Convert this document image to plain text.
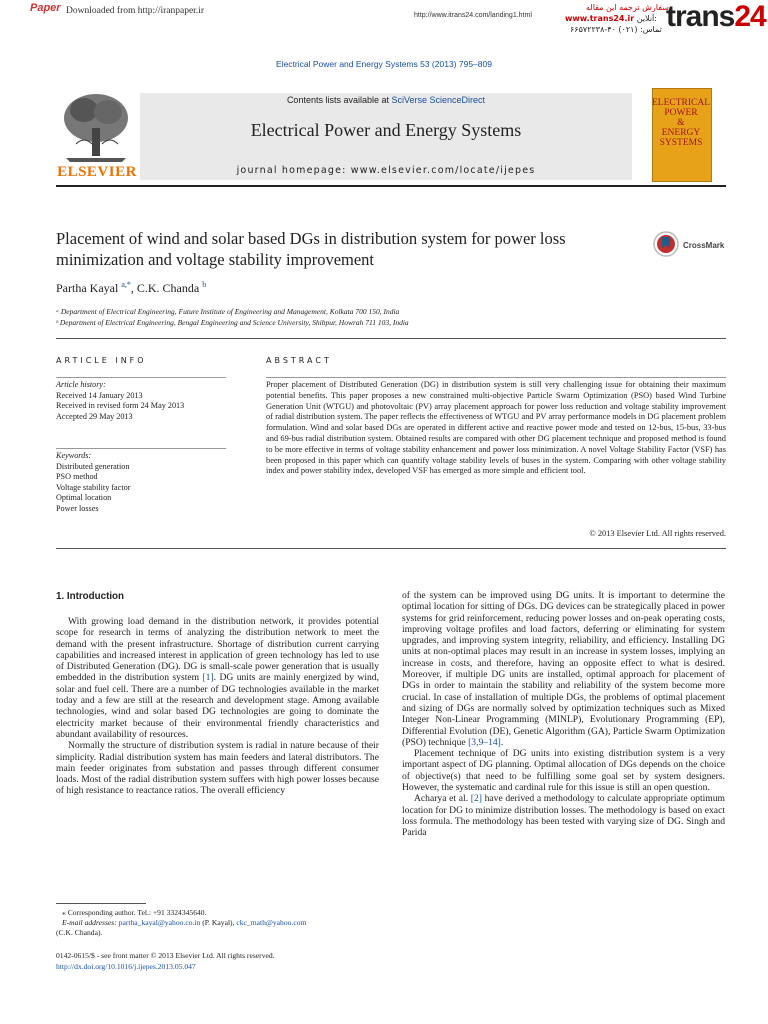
Paper Downloaded from http://iranpaper.ir	http://www.itrans24.com/landing1.html
سفارش ترجمه این مقاله
www.trans24.ir آنلاین:
تماس: (۰۲۱) ۴۰-۶۶۵۷۲۲۳۸ trans24
Electrical Power and Energy Systems 53 (2013) 795–809
ELSEVIER
Contents lists available at SciVerse ScienceDirect
Electrical Power and Energy Systems
journal homepage: www.elsevier.com/locate/ijepes
ELECTRICAL
POWER
&
ENERGY
SYSTEMS
Placement of wind and solar based DGs in distribution system for power loss minimization and voltage stability improvement
CrossMark
Partha Kayal $^{a,*}$, C.K. Chanda $^b$
ᵃ Department of Electrical Engineering, Future Institute of Engineering and Management, Kolkata 700 150, India
ᵇ Department of Electrical Engineering, Bengal Engineering and Science University, Shibpur, Howrah 711 103, India
ARTICLE INFO
Article history:
Received 14 January 2013
Received in revised form 24 May 2013
Accepted 29 May 2013
Keywords:
Distributed generation
PSO method
Voltage stability factor
Optimal location
Power losses
ABSTRACT
Proper placement of Distributed Generation (DG) in distribution system is still very challenging issue for obtaining their maximum potential benefits. This paper proposes a new constrained multi-objective Particle Swarm Optimization (PSO) based Wind Turbine Generation Unit (WTGU) and photovoltaic (PV) array placement approach for power loss reduction and voltage stability improvement of radial distribution system. The paper reflects the effectiveness of WTGU and PV array performance models in DG placement problem formulation. Wind and solar based DGs are operated in different active and reactive power mode and tested on 12-bus, 15-bus, 33-bus and 69-bus radial distribution system. Obtained results are compared with other DG placement technique and proposed method is found to be more effective in terms of voltage stability enhancement and power loss minimization. A novel Voltage Stability Factor (VSF) has been proposed in this paper which can quantify voltage stability levels of buses in the system. Comparing with other voltage stability index and power stability index, developed VSF has emerged as more simple and efficient tool.
© 2013 Elsevier Ltd. All rights reserved.
1. Introduction

With growing load demand in the distribution network, it provides potential scope for research in terms of analyzing the distribution network to meet the demand with the present infrastructure. Shortage of distribution current carrying capabilities and increased interest in application of green technology has led to use of Distributed Generation (DG). DG is small-scale power generation that is usually embedded in the distribution system [1]. DG units are mainly energized by wind, solar and fuel cell. There are a number of DG technologies available in the market today and a few are still at the research and development stage. Among available technologies, wind and solar based DG technologies are going to dominate the electricity market because of their environmental friendly characteristics and abundant availability of resources.

Normally the structure of distribution system is radial in nature because of their simplicity. Radial distribution system has main feeders and lateral distributors. The main feeder originates from substation and passes through different consumer loads. Most of the radial distribution system suffers with high power losses because of high resistance to reactance ratios. The overall efficiency

⁎ Corresponding author. Tel.: +91 3324345640.
E-mail addresses: partha_kayal@yahoo.co.in (P. Kayal), ckc_math@yahoo.com
(C.K. Chanda).
0142-0615/$ - see front matter © 2013 Elsevier Ltd. All rights reserved.
http://dx.doi.org/10.1016/j.ijepes.2013.05.047

of the system can be improved using DG units. It is important to determine the optimal location for sitting of DGs. DG devices can be strategically placed in power systems for grid reinforcement, reducing power losses and on-peak operating costs, improving voltage profiles and load factors, deferring or eliminating for system upgrades, and improving system integrity, reliability, and efficiency. Installing DG units at non-optimal places may result in an increase in system losses, implying an increase in costs, and therefore, having an opposite effect to what is desired. Moreover, if multiple DG units are installed, optimal approach for placement of DGs in order to maintain the stability and reliability of the system become more crucial. In case of installation of multiple DGs, the problems of optimal placement and sizing of DGs are normally solved by optimization techniques such as Mixed Integer Non-Linear Programming (MINLP), Evolutionary Programming (EP), Differential Evolution (DE), Genetic Algorithm (GA), Particle Swarm Optimization (PSO) technique [3,9–14].

Placement technique of DG units into existing distribution system is a very important aspect of DG planning. Optimal allocation of DGs depends on the choice of objective(s) that need to be fulfilling some goal set by system designers. However, the systematic and cardinal rule for this issue is still an open question.

Acharya et al. [2] have derived a methodology to calculate appropriate optimum location for DG to minimize distribution losses. The methodology is based on exact loss formula. The methodology has been tested with varying size of DG. Singh and Parida
